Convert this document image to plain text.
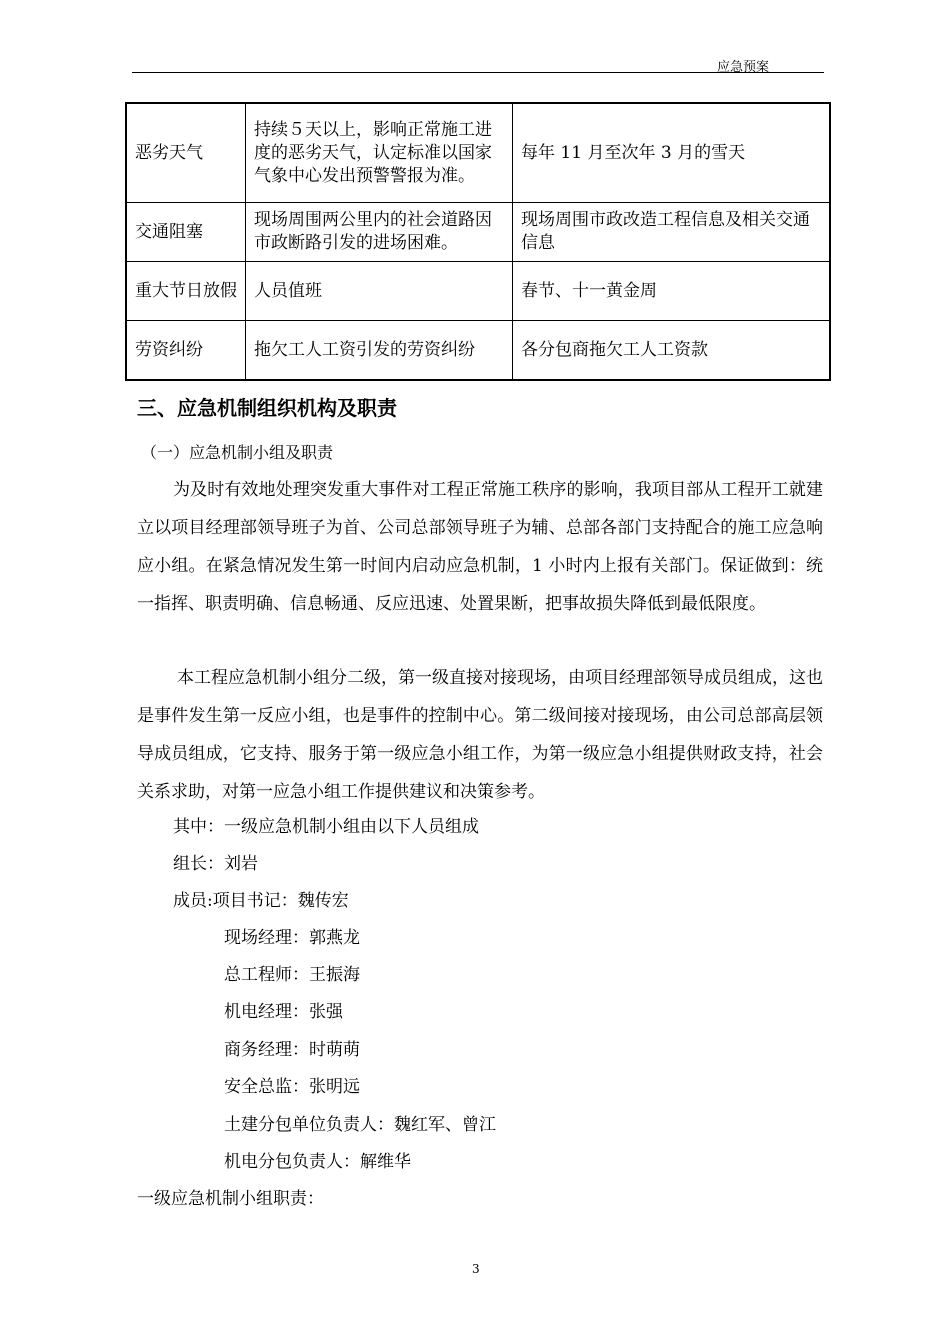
应急预案
恶劣天气	持续５天以上，影响正常施工进度的恶劣天气，认定标准以国家气象中心发出预警警报为准。	每年 11 月至次年 3 月的雪天
交通阻塞	现场周围两公里内的社会道路因市政断路引发的进场困难。	现场周围市政改造工程信息及相关交通信息
重大节日放假	人员值班	春节、十一黄金周
劳资纠纷	拖欠工人工资引发的劳资纠纷	各分包商拖欠工人工资款
三、应急机制组织机构及职责
（一）应急机制小组及职责
为及时有效地处理突发重大事件对工程正常施工秩序的影响，我项目部从工程开工就建立以项目经理部领导班子为首、公司总部领导班子为辅、总部各部门支持配合的施工应急响应小组。在紧急情况发生第一时间内启动应急机制，1 小时内上报有关部门。保证做到：统一指挥、职责明确、信息畅通、反应迅速、处置果断，把事故损失降低到最低限度。
本工程应急机制小组分二级，第一级直接对接现场，由项目经理部领导成员组成，这也是事件发生第一反应小组，也是事件的控制中心。第二级间接对接现场，由公司总部高层领导成员组成，它支持、服务于第一级应急小组工作，为第一级应急小组提供财政支持，社会关系求助，对第一应急小组工作提供建议和决策参考。
其中：一级应急机制小组由以下人员组成
组长：刘岩
成员:项目书记：魏传宏
现场经理：郭燕龙
总工程师：王振海
机电经理：张强
商务经理：时萌萌
安全总监：张明远
土建分包单位负责人：魏红军、曾江
机电分包负责人：解维华
一级应急机制小组职责：
3
